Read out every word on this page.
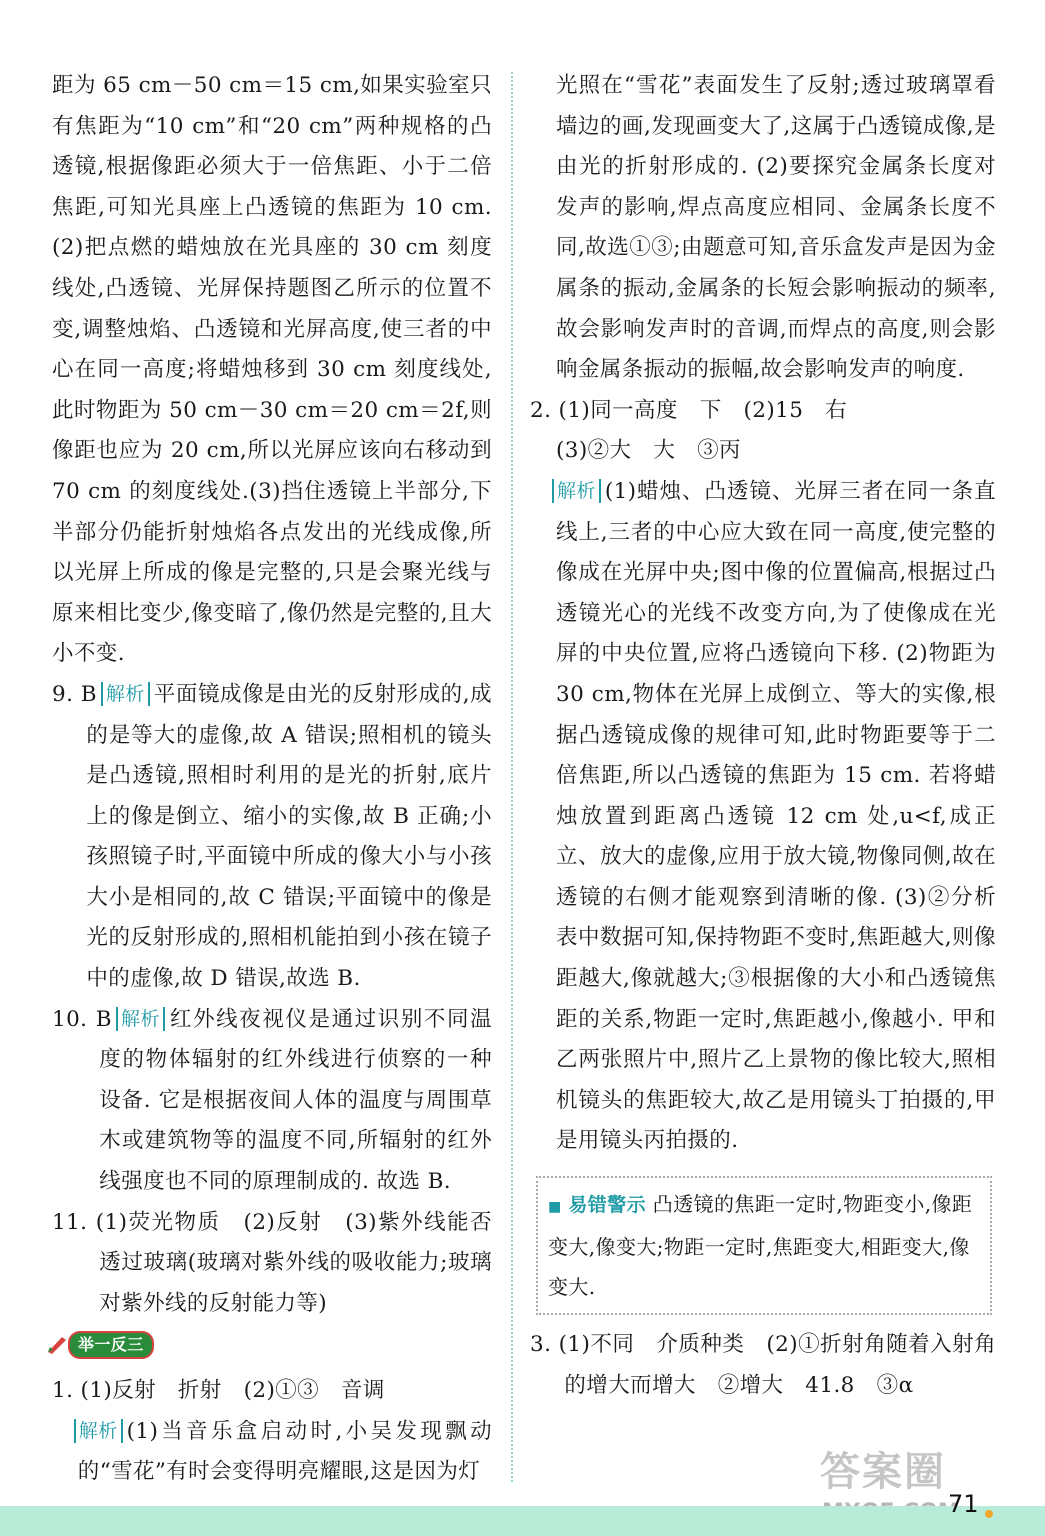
距为 65 cm－50 cm＝15 cm,如果实验室只有焦距为“10 cm”和“20 cm”两种规格的凸透镜,根据像距必须大于一倍焦距、小于二倍焦距,可知光具座上凸透镜的焦距为 10 cm.(2)把点燃的蜡烛放在光具座的 30 cm 刻度线处,凸透镜、光屏保持题图乙所示的位置不变,调整烛焰、凸透镜和光屏高度,使三者的中心在同一高度;将蜡烛移到 30 cm 刻度线处,此时物距为 50 cm－30 cm＝20 cm＝2f,则像距也应为 20 cm,所以光屏应该向右移动到 70 cm 的刻度线处.(3)挡住透镜上半部分,下半部分仍能折射烛焰各点发出的光线成像,所以光屏上所成的像是完整的,只是会聚光线与原来相比变少,像变暗了,像仍然是完整的,且大小不变.

9. B 解析 平面镜成像是由光的反射形成的,成的是等大的虚像,故 A 错误;照相机的镜头是凸透镜,照相时利用的是光的折射,底片上的像是倒立、缩小的实像,故 B 正确;小孩照镜子时,平面镜中所成的像大小与小孩大小是相同的,故 C 错误;平面镜中的像是光的反射形成的,照相机能拍到小孩在镜子中的虚像,故 D 错误,故选 B.

10. B 解析 红外线夜视仪是通过识别不同温度的物体辐射的红外线进行侦察的一种设备. 它是根据夜间人体的温度与周围草木或建筑物等的温度不同,所辐射的红外线强度也不同的原理制成的. 故选 B.

11. (1)荧光物质　(2)反射　(3)紫外线能否透过玻璃(玻璃对紫外线的吸收能力;玻璃对紫外线的反射能力等)

举一反三

1. (1)反射　折射　(2)①③　音调

解析 (1)当音乐盒启动时,小吴发现飘动的“雪花”有时会变得明亮耀眼,这是因为灯

光照在“雪花”表面发生了反射;透过玻璃罩看墙边的画,发现画变大了,这属于凸透镜成像,是由光的折射形成的. (2)要探究金属条长度对发声的影响,焊点高度应相同、金属条长度不同,故选①③;由题意可知,音乐盒发声是因为金属条的振动,金属条的长短会影响振动的频率,故会影响发声时的音调,而焊点的高度,则会影响金属条振动的振幅,故会影响发声的响度.

2. (1)同一高度　下　(2)15　右

(3)②大　大　③丙

解析 (1)蜡烛、凸透镜、光屏三者在同一条直线上,三者的中心应大致在同一高度,使完整的像成在光屏中央;图中像的位置偏高,根据过凸透镜光心的光线不改变方向,为了使像成在光屏的中央位置,应将凸透镜向下移. (2)物距为 30 cm,物体在光屏上成倒立、等大的实像,根据凸透镜成像的规律可知,此时物距要等于二倍焦距,所以凸透镜的焦距为 15 cm. 若将蜡烛放置到距离凸透镜 12 cm 处,u<f,成正立、放大的虚像,应用于放大镜,物像同侧,故在透镜的右侧才能观察到清晰的像. (3)②分析表中数据可知,保持物距不变时,焦距越大,则像距越大,像就越大;③根据像的大小和凸透镜焦距的关系,物距一定时,焦距越小,像越小. 甲和乙两张照片中,照片乙上景物的像比较大,照相机镜头的焦距较大,故乙是用镜头丁拍摄的,甲是用镜头丙拍摄的.

■ 易错警示 凸透镜的焦距一定时,物距变小,像距变大,像变大;物距一定时,焦距变大,相距变大,像变大.

3. (1)不同　介质种类　(2)①折射角随着入射角的增大而增大　②增大　41.8　③α

答案圈
71
